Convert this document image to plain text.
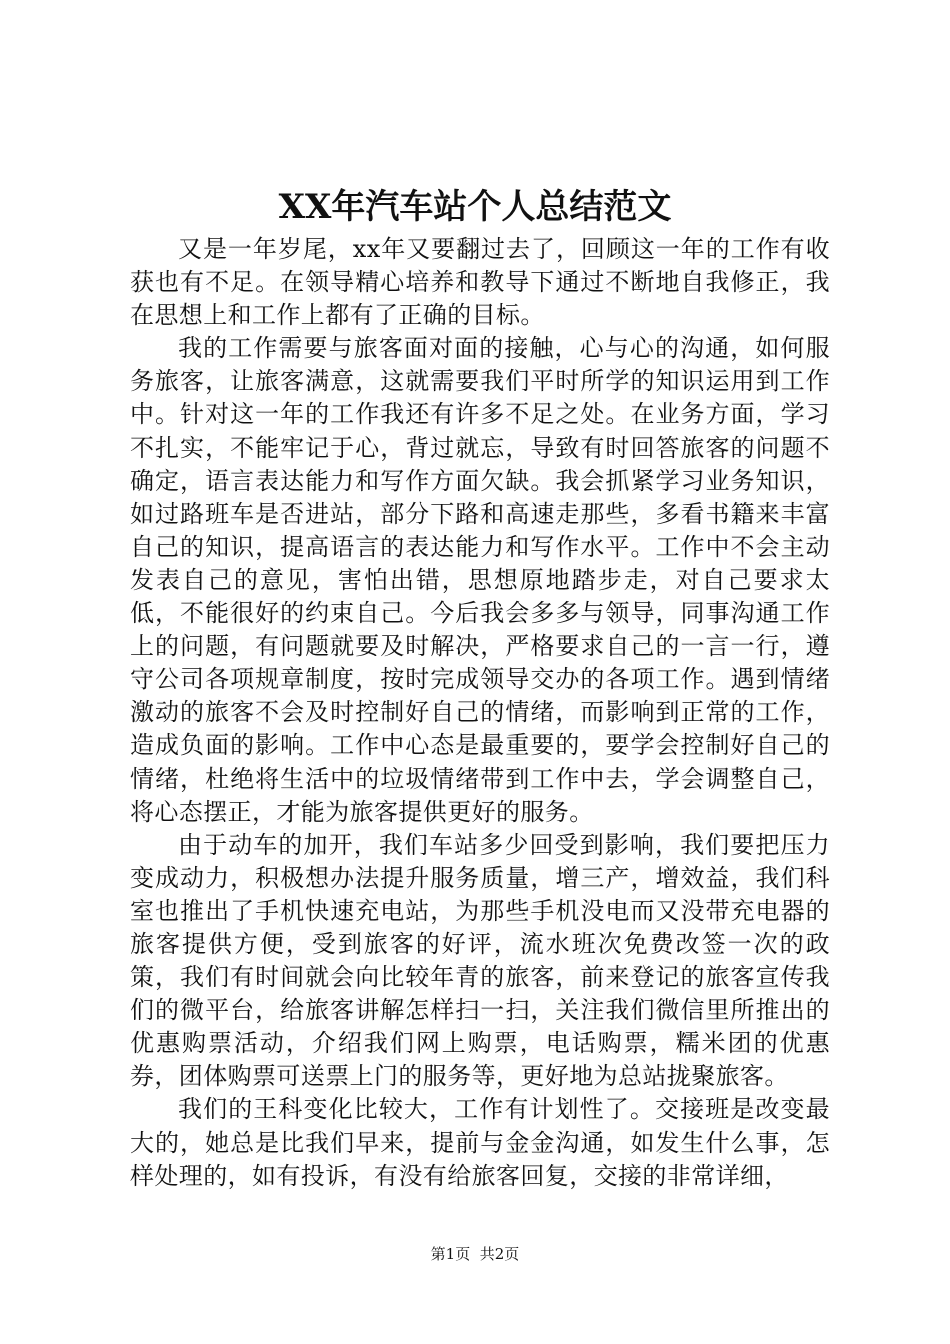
XX年汽车站个人总结范文

又是一年岁尾，xx年又要翻过去了，回顾这一年的工作有收获也有不足。在领导精心培养和教导下通过不断地自我修正，我在思想上和工作上都有了正确的目标。

我的工作需要与旅客面对面的接触，心与心的沟通，如何服务旅客，让旅客满意，这就需要我们平时所学的知识运用到工作中。针对这一年的工作我还有许多不足之处。在业务方面，学习不扎实，不能牢记于心，背过就忘，导致有时回答旅客的问题不确定，语言表达能力和写作方面欠缺。我会抓紧学习业务知识，如过路班车是否进站，部分下路和高速走那些，多看书籍来丰富自己的知识，提高语言的表达能力和写作水平。工作中不会主动发表自己的意见，害怕出错，思想原地踏步走，对自己要求太低，不能很好的约束自己。今后我会多多与领导，同事沟通工作上的问题，有问题就要及时解决，严格要求自己的一言一行，遵守公司各项规章制度，按时完成领导交办的各项工作。遇到情绪激动的旅客不会及时控制好自己的情绪，而影响到正常的工作，造成负面的影响。工作中心态是最重要的，要学会控制好自己的情绪，杜绝将生活中的垃圾情绪带到工作中去，学会调整自己，将心态摆正，才能为旅客提供更好的服务。

由于动车的加开，我们车站多少回受到影响，我们要把压力变成动力，积极想办法提升服务质量，增三产，增效益，我们科室也推出了手机快速充电站，为那些手机没电而又没带充电器的旅客提供方便，受到旅客的好评，流水班次免费改签一次的政策，我们有时间就会向比较年青的旅客，前来登记的旅客宣传我们的微平台，给旅客讲解怎样扫一扫，关注我们微信里所推出的优惠购票活动，介绍我们网上购票，电话购票，糯米团的优惠券，团体购票可送票上门的服务等，更好地为总站拢聚旅客。

我们的王科变化比较大，工作有计划性了。交接班是改变最大的，她总是比我们早来，提前与金金沟通，如发生什么事，怎样处理的，如有投诉，有没有给旅客回复，交接的非常详细，

第1页 共2页
